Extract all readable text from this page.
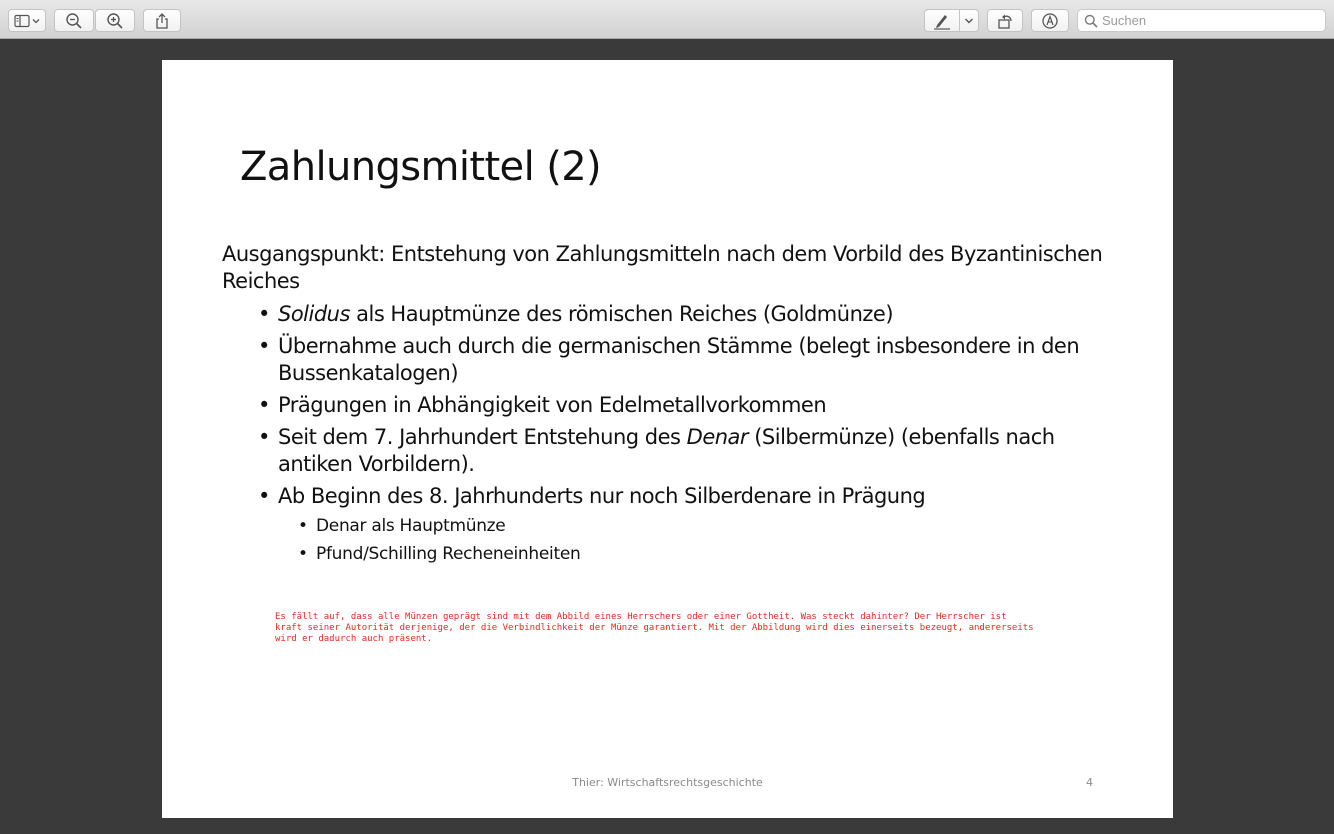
Suchen
Zahlungsmittel (2)

Ausgangspunkt: Entstehung von Zahlungsmitteln nach dem Vorbild des Byzantinischen Reiches

• Solidus als Hauptmünze des römischen Reiches (Goldmünze)
• Übernahme auch durch die germanischen Stämme (belegt insbesondere in den Bussenkatalogen)
• Prägungen in Abhängigkeit von Edelmetallvorkommen
• Seit dem 7. Jahrhundert Entstehung des Denar (Silbermünze) (ebenfalls nach antiken Vorbildern).
• Ab Beginn des 8. Jahrhunderts nur noch Silberdenare in Prägung
• Denar als Hauptmünze
• Pfund/Schilling Recheneinheiten
Es fällt auf, dass alle Münzen geprägt sind mit dem Abbild eines Herrschers oder einer Gottheit. Was steckt dahinter? Der Herrscher ist kraft seiner Autorität derjenige, der die Verbindlichkeit der Münze garantiert. Mit der Abbildung wird dies einerseits bezeugt, andererseits wird er dadurch auch präsent.
Thier: Wirtschaftsrechtsgeschichte	4
